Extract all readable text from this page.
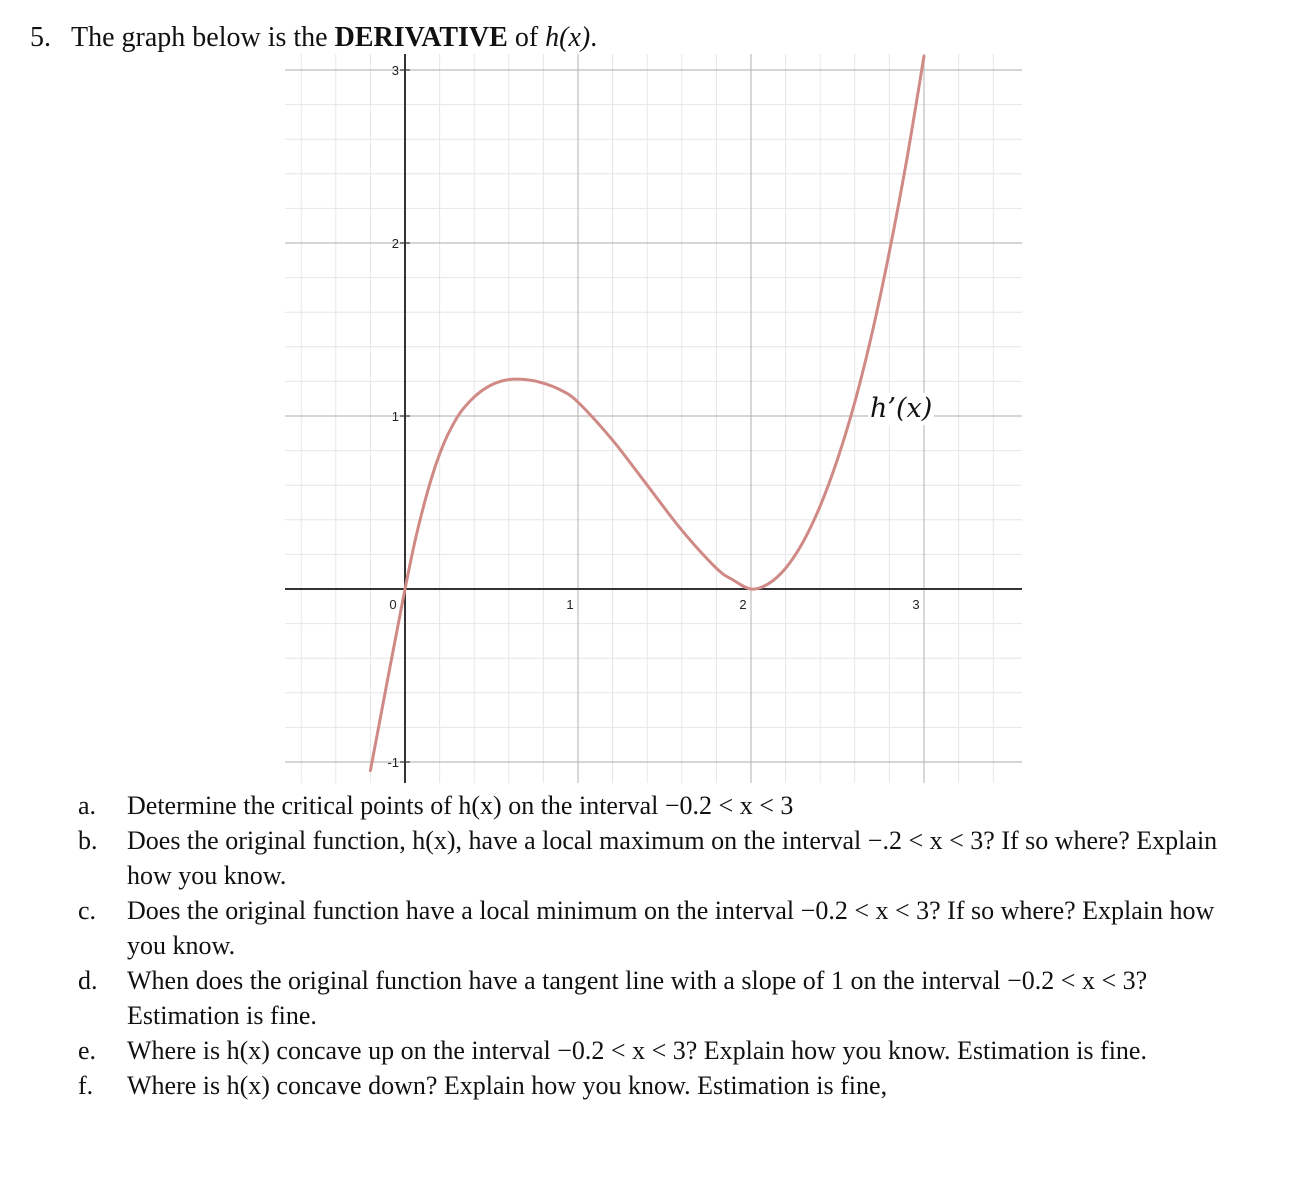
5. The graph below is the DERIVATIVE of h(x).
0	1	2	3
-1
1
2
3
h’(x)
a. Determine the critical points of h(x) on the interval −0.2 < x < 3
b. Does the original function, h(x), have a local maximum on the interval −.2 < x < 3? If so where? Explain how you know.
c. Does the original function have a local minimum on the interval −0.2 < x < 3? If so where? Explain how you know.
d. When does the original function have a tangent line with a slope of 1 on the interval −0.2 < x < 3? Estimation is fine.
e. Where is h(x) concave up on the interval −0.2 < x < 3? Explain how you know. Estimation is fine.
f. Where is h(x) concave down? Explain how you know. Estimation is fine,
